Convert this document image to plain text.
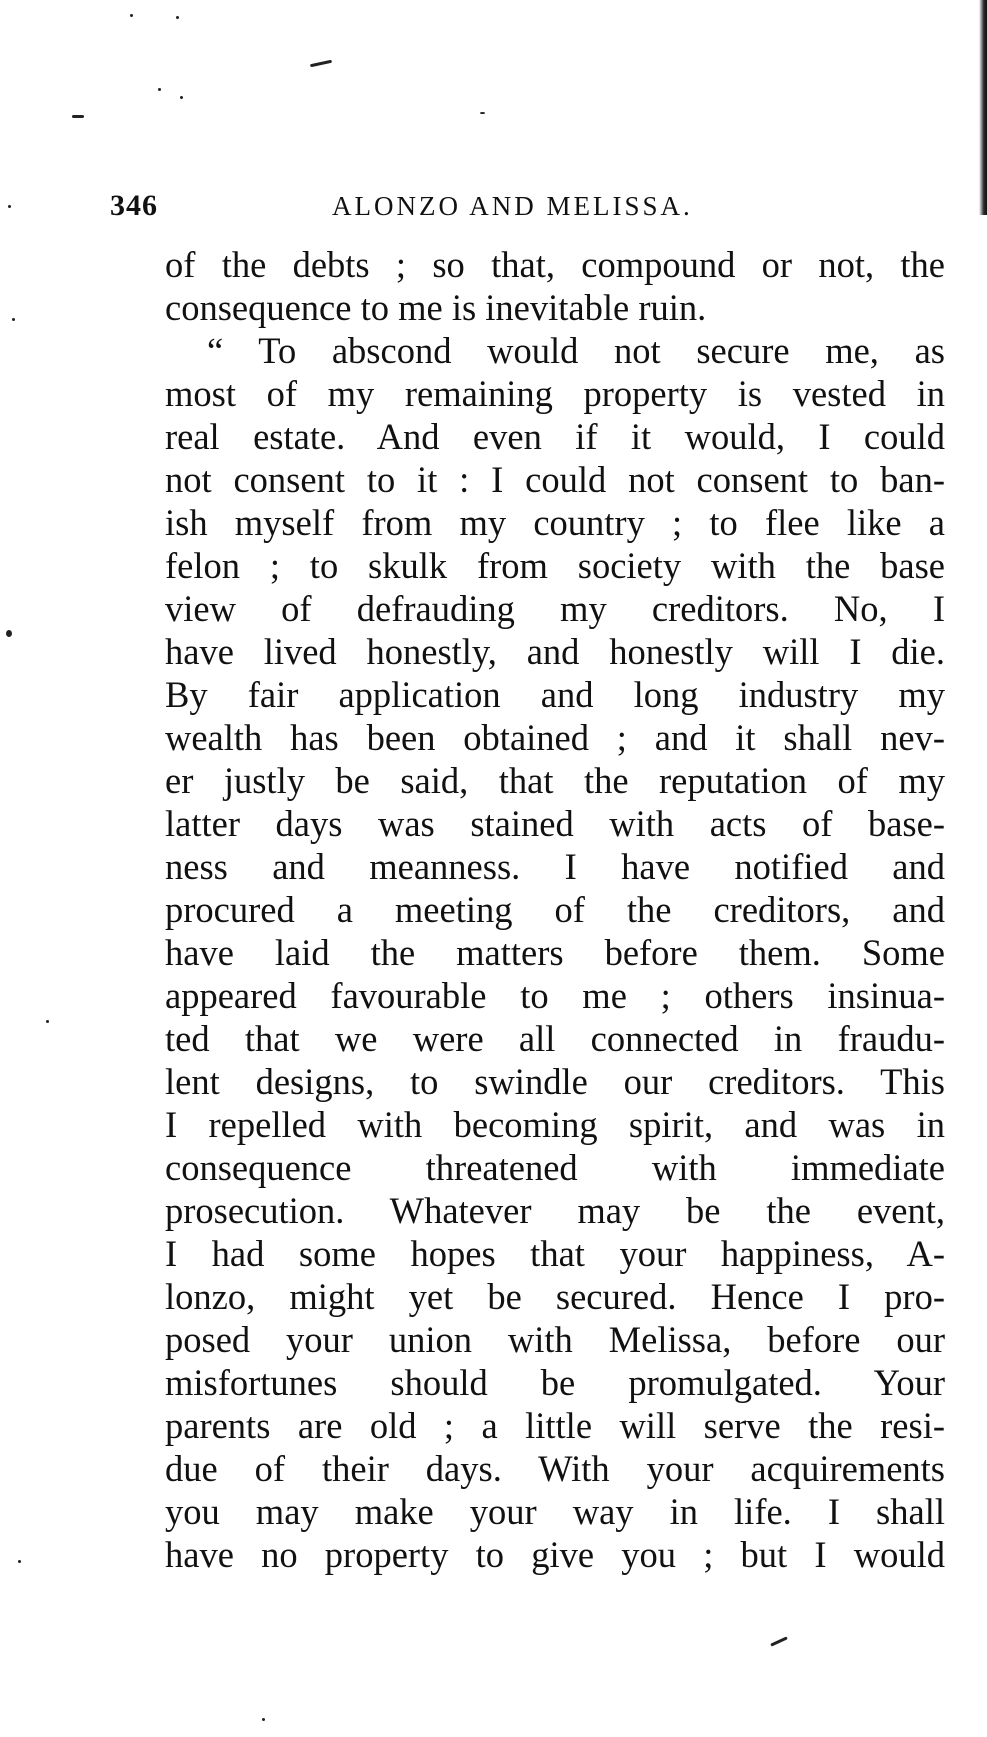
346	ALONZO AND MELISSA.
of the debts ; so that, compound or not, the
consequence to me is inevitable ruin.
“ To abscond would not secure me, as
most of my remaining property is vested in
real estate. And even if it would, I could
not consent to it : I could not consent to ban-
ish myself from my country ; to flee like a
felon ; to skulk from society with the base
view of defrauding my creditors. No, I
have lived honestly, and honestly will I die.
By fair application and long industry my
wealth has been obtained ; and it shall nev-
er justly be said, that the reputation of my
latter days was stained with acts of base-
ness and meanness. I have notified and
procured a meeting of the creditors, and
have laid the matters before them. Some
appeared favourable to me ; others insinua-
ted that we were all connected in fraudu-
lent designs, to swindle our creditors. This
I repelled with becoming spirit, and was in
consequence threatened with immediate
prosecution. Whatever may be the event,
I had some hopes that your happiness, A-
lonzo, might yet be secured. Hence I pro-
posed your union with Melissa, before our
misfortunes should be promulgated. Your
parents are old ; a little will serve the resi-
due of their days. With your acquirements
you may make your way in life. I shall
have no property to give you ; but I would
